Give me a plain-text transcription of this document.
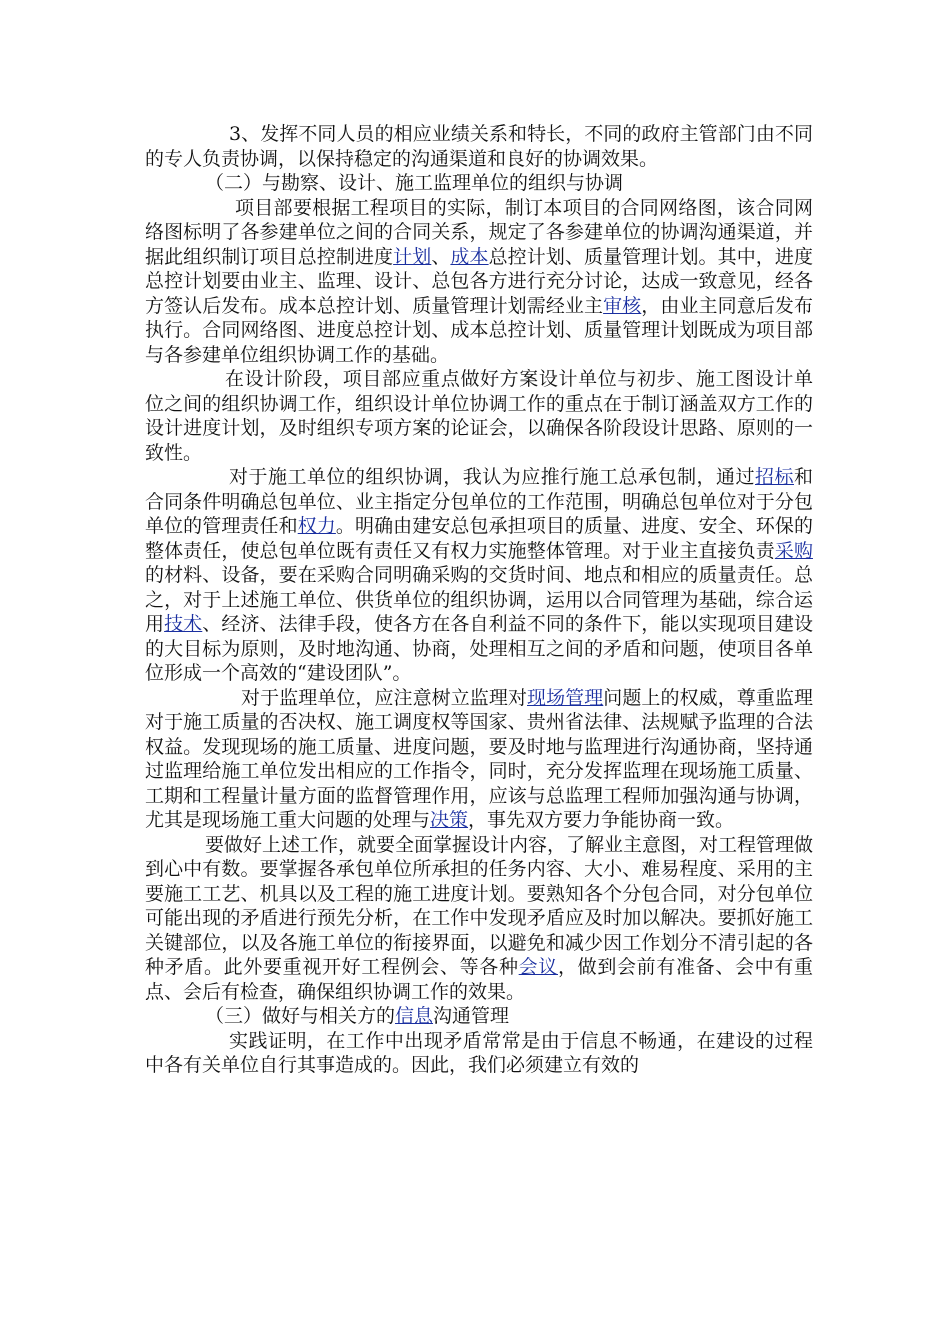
3、发挥不同人员的相应业绩关系和特长，不同的政府主管部门由不同的专人负责协调，以保持稳定的沟通渠道和良好的协调效果。

（二）与勘察、设计、施工监理单位的组织与协调

项目部要根据工程项目的实际，制订本项目的合同网络图，该合同网络图标明了各参建单位之间的合同关系，规定了各参建单位的协调沟通渠道，并据此组织制订项目总控制进度计划、成本总控计划、质量管理计划。其中，进度总控计划要由业主、监理、设计、总包各方进行充分讨论，达成一致意见，经各方签认后发布。成本总控计划、质量管理计划需经业主审核，由业主同意后发布执行。合同网络图、进度总控计划、成本总控计划、质量管理计划既成为项目部与各参建单位组织协调工作的基础。

在设计阶段，项目部应重点做好方案设计单位与初步、施工图设计单位之间的组织协调工作，组织设计单位协调工作的重点在于制订涵盖双方工作的设计进度计划，及时组织专项方案的论证会，以确保各阶段设计思路、原则的一致性。

对于施工单位的组织协调，我认为应推行施工总承包制，通过招标和合同条件明确总包单位、业主指定分包单位的工作范围，明确总包单位对于分包单位的管理责任和权力。明确由建安总包承担项目的质量、进度、安全、环保的整体责任，使总包单位既有责任又有权力实施整体管理。对于业主直接负责采购的材料、设备，要在采购合同明确采购的交货时间、地点和相应的质量责任。总之，对于上述施工单位、供货单位的组织协调，运用以合同管理为基础，综合运用技术、经济、法律手段，使各方在各自利益不同的条件下，能以实现项目建设的大目标为原则，及时地沟通、协商，处理相互之间的矛盾和问题，使项目各单位形成一个高效的“建设团队”。

对于监理单位，应注意树立监理对现场管理问题上的权威，尊重监理对于施工质量的否决权、施工调度权等国家、贵州省法律、法规赋予监理的合法权益。发现现场的施工质量、进度问题，要及时地与监理进行沟通协商，坚持通过监理给施工单位发出相应的工作指令，同时，充分发挥监理在现场施工质量、工期和工程量计量方面的监督管理作用，应该与总监理工程师加强沟通与协调，尤其是现场施工重大问题的处理与决策，事先双方要力争能协商一致。

要做好上述工作，就要全面掌握设计内容，了解业主意图，对工程管理做到心中有数。要掌握各承包单位所承担的任务内容、大小、难易程度、采用的主要施工工艺、机具以及工程的施工进度计划。要熟知各个分包合同，对分包单位可能出现的矛盾进行预先分析，在工作中发现矛盾应及时加以解决。要抓好施工关键部位，以及各施工单位的衔接界面，以避免和减少因工作划分不清引起的各种矛盾。此外要重视开好工程例会、等各种会议，做到会前有准备、会中有重点、会后有检查，确保组织协调工作的效果。

（三）做好与相关方的信息沟通管理

实践证明，在工作中出现矛盾常常是由于信息不畅通，在建设的过程中各有关单位自行其事造成的。因此，我们必须建立有效的
